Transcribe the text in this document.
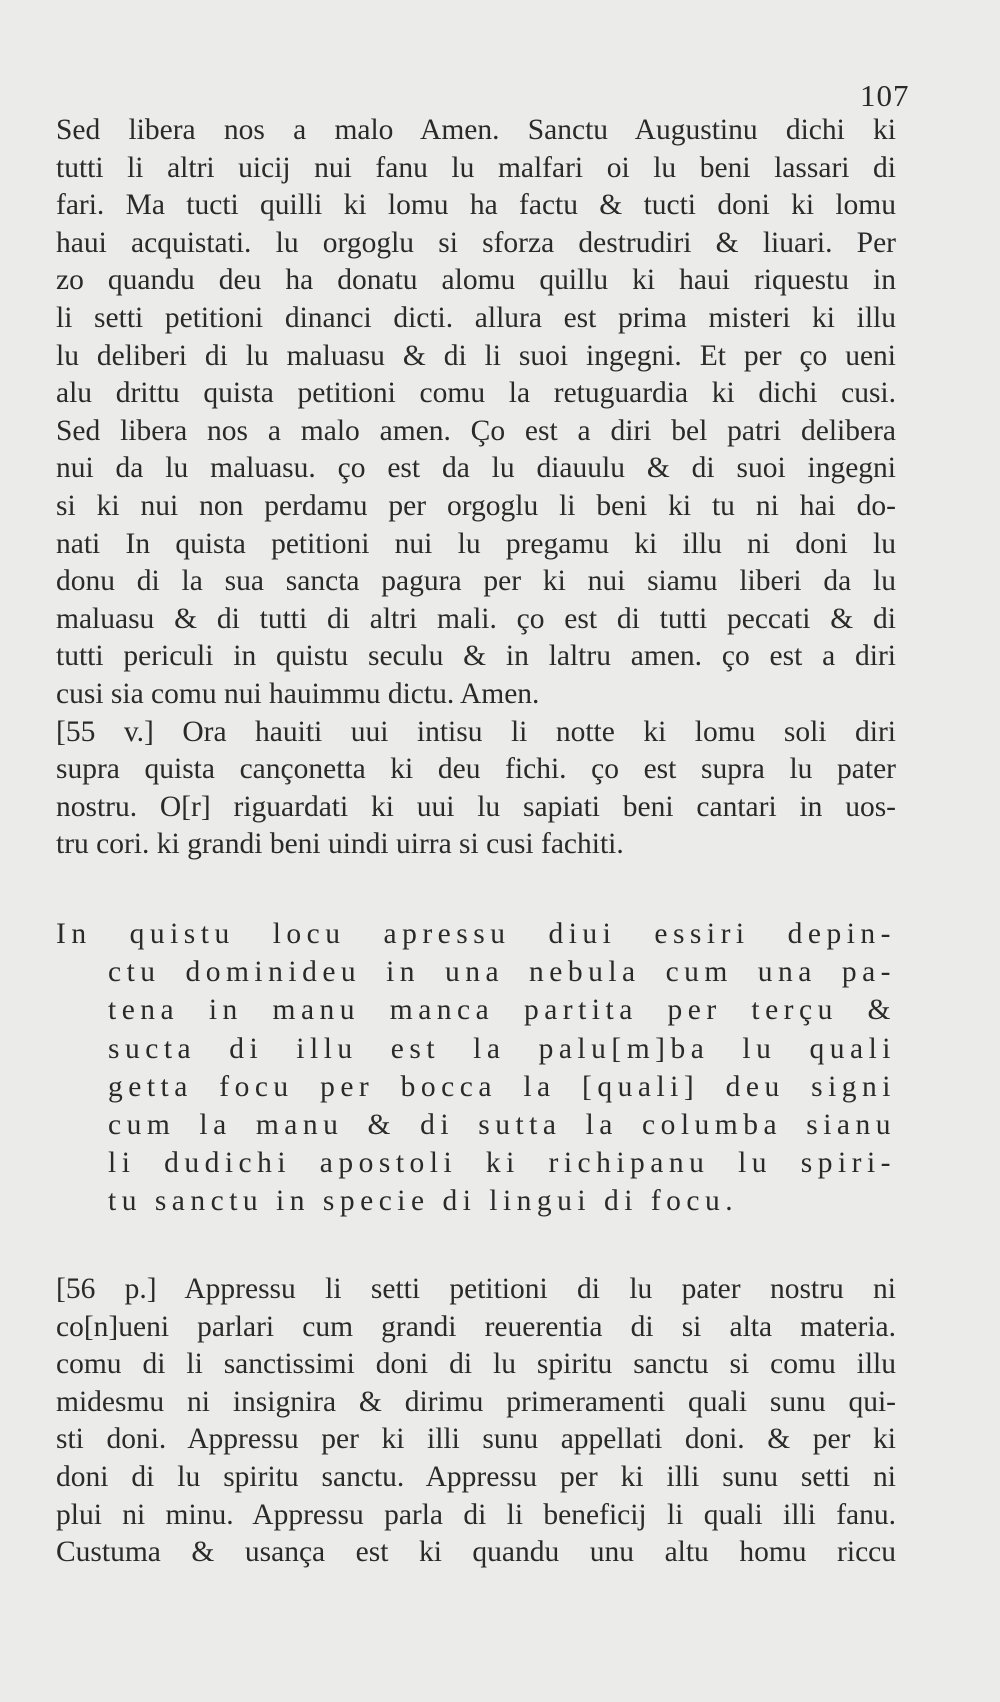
107
Sed libera nos a malo Amen. Sanctu Augustinu dichi ki
tutti li altri uicij nui fanu lu malfari oi lu beni lassari di
fari. Ma tucti quilli ki lomu ha factu & tucti doni ki lomu
haui acquistati. lu orgoglu si sforza destrudiri & liuari. Per
zo quandu deu ha donatu alomu quillu ki haui riquestu in
li setti petitioni dinanci dicti. allura est prima misteri ki illu
lu deliberi di lu maluasu & di li suoi ingegni. Et per ço ueni
alu drittu quista petitioni comu la retuguardia ki dichi cusi.
Sed libera nos a malo amen. Ço est a diri bel patri delibera
nui da lu maluasu. ço est da lu diauulu & di suoi ingegni
si ki nui non perdamu per orgoglu li beni ki tu ni hai do-
nati In quista petitioni nui lu pregamu ki illu ni doni lu
donu di la sua sancta pagura per ki nui siamu liberi da lu
maluasu & di tutti di altri mali. ço est di tutti peccati & di
tutti periculi in quistu seculu & in laltru amen. ço est a diri
cusi sia comu nui hauimmu dictu. Amen.
[55 v.] Ora hauiti uui intisu li notte ki lomu soli diri
supra quista cançonetta ki deu fichi. ço est supra lu pater
nostru. O[r] riguardati ki uui lu sapiati beni cantari in uos-
tru cori. ki grandi beni uindi uirra si cusi fachiti.
In quistu locu apressu diui essiri depin-
ctu dominideu in una nebula cum una pa-
tena in manu manca partita per terçu &
sucta di illu est la palu[m]ba lu quali
getta focu per bocca la [quali] deu signi
cum la manu & di sutta la columba sianu
li dudichi apostoli ki richipanu lu spiri-
tu sanctu in specie di lingui di focu.
[56 p.] Appressu li setti petitioni di lu pater nostru ni
co[n]ueni parlari cum grandi reuerentia di si alta materia.
comu di li sanctissimi doni di lu spiritu sanctu si comu illu
midesmu ni insignira & dirimu primeramenti quali sunu qui-
sti doni. Appressu per ki illi sunu appellati doni. & per ki
doni di lu spiritu sanctu. Appressu per ki illi sunu setti ni
plui ni minu. Appressu parla di li beneficij li quali illi fanu.
Custuma & usança est ki quandu unu altu homu riccu
